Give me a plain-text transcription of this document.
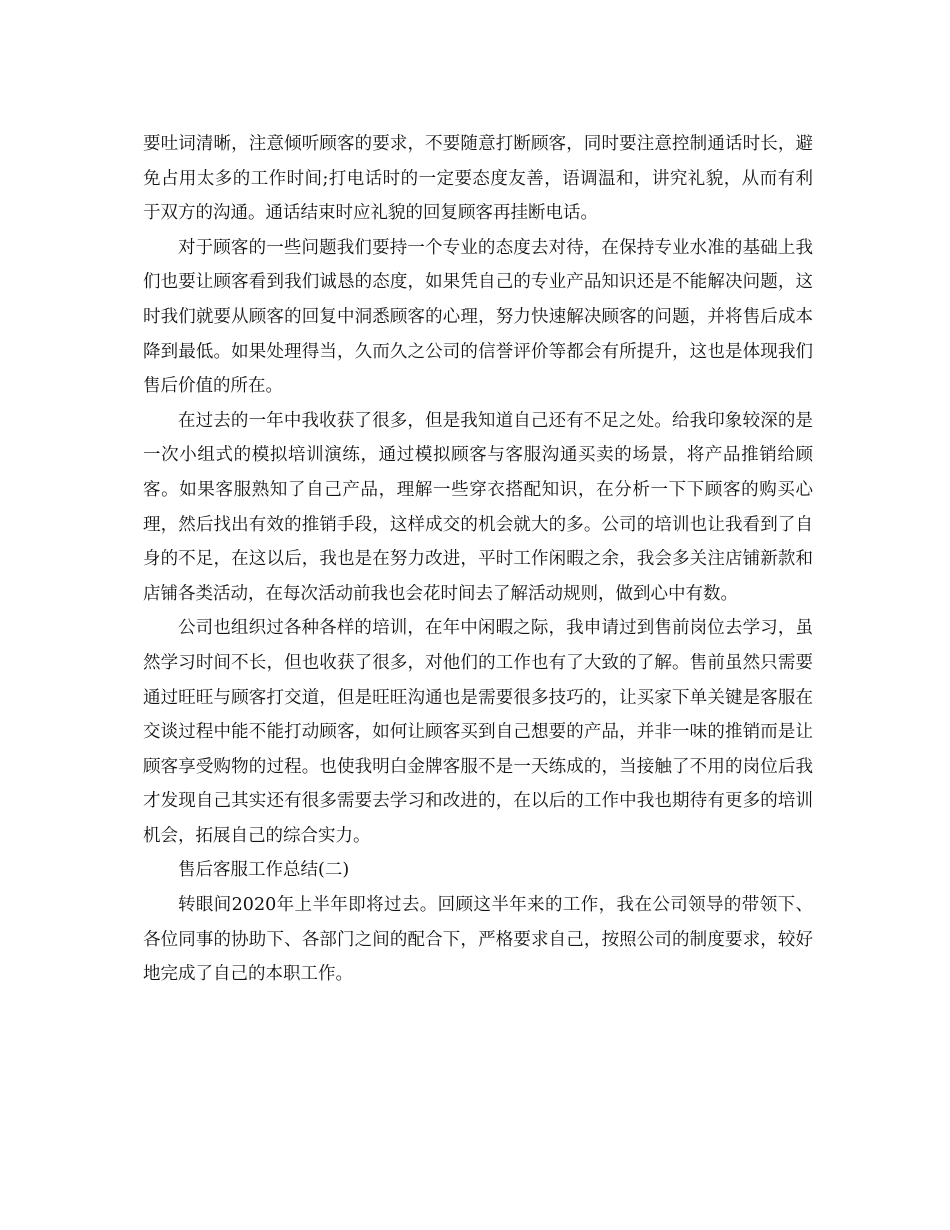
要吐词清晰，注意倾听顾客的要求，不要随意打断顾客，同时要注意控制通话时长，避免占用太多的工作时间;打电话时的一定要态度友善，语调温和，讲究礼貌，从而有利于双方的沟通。通话结束时应礼貌的回复顾客再挂断电话。

对于顾客的一些问题我们要持一个专业的态度去对待，在保持专业水准的基础上我们也要让顾客看到我们诚恳的态度，如果凭自己的专业产品知识还是不能解决问题，这时我们就要从顾客的回复中洞悉顾客的心理，努力快速解决顾客的问题，并将售后成本降到最低。如果处理得当，久而久之公司的信誉评价等都会有所提升，这也是体现我们售后价值的所在。

在过去的一年中我收获了很多，但是我知道自己还有不足之处。给我印象较深的是一次小组式的模拟培训演练，通过模拟顾客与客服沟通买卖的场景，将产品推销给顾客。如果客服熟知了自己产品，理解一些穿衣搭配知识，在分析一下下顾客的购买心理，然后找出有效的推销手段，这样成交的机会就大的多。公司的培训也让我看到了自身的不足，在这以后，我也是在努力改进，平时工作闲暇之余，我会多关注店铺新款和店铺各类活动，在每次活动前我也会花时间去了解活动规则，做到心中有数。

公司也组织过各种各样的培训，在年中闲暇之际，我申请过到售前岗位去学习，虽然学习时间不长，但也收获了很多，对他们的工作也有了大致的了解。售前虽然只需要通过旺旺与顾客打交道，但是旺旺沟通也是需要很多技巧的，让买家下单关键是客服在交谈过程中能不能打动顾客，如何让顾客买到自己想要的产品，并非一味的推销而是让顾客享受购物的过程。也使我明白金牌客服不是一天练成的，当接触了不用的岗位后我才发现自己其实还有很多需要去学习和改进的，在以后的工作中我也期待有更多的培训机会，拓展自己的综合实力。

售后客服工作总结(二)

转眼间2020年上半年即将过去。回顾这半年来的工作，我在公司领导的带领下、各位同事的协助下、各部门之间的配合下，严格要求自己，按照公司的制度要求，较好地完成了自己的本职工作。
